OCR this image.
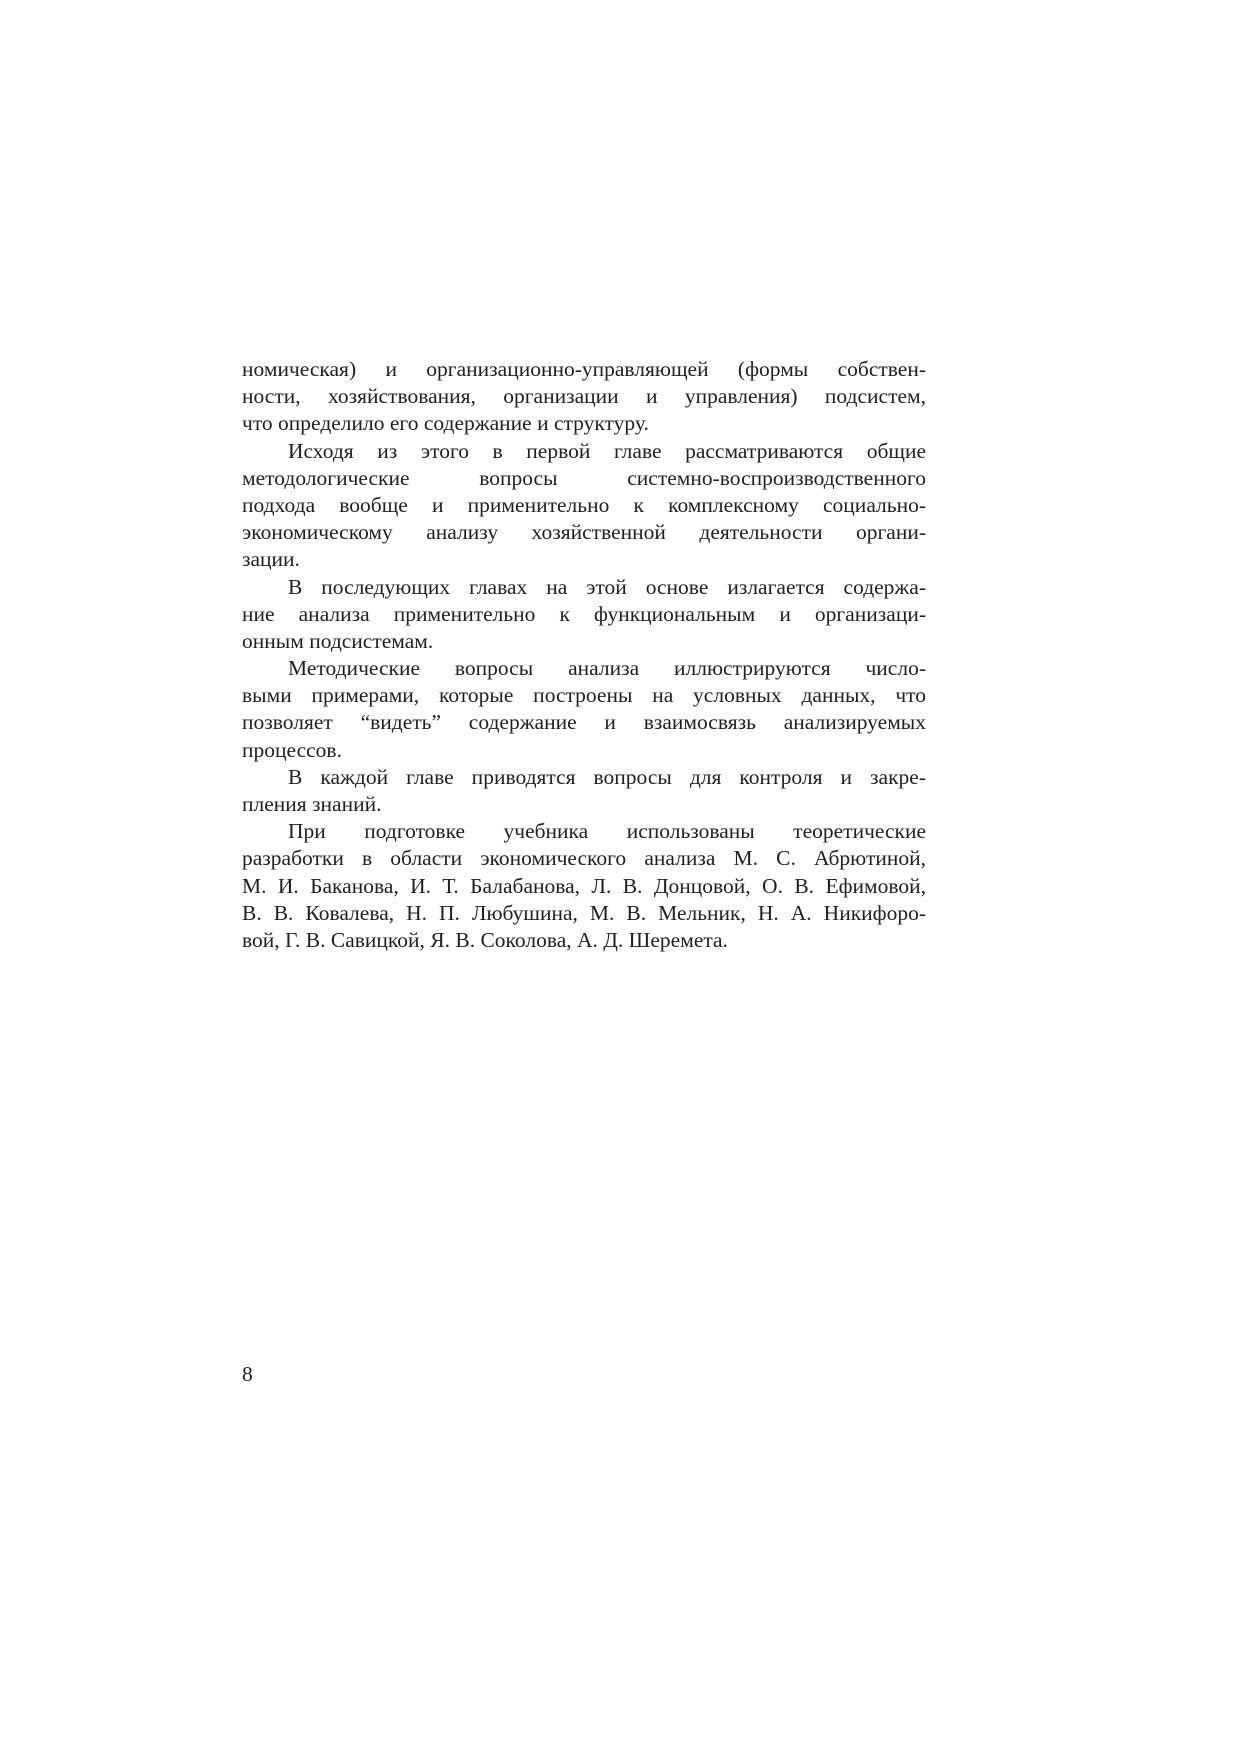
номическая) и организационно-управляющей (формы собствен-
ности, хозяйствования, организации и управления) подсистем,
что определило его содержание и структуру.
Исходя из этого в первой главе рассматриваются общие
методологические вопросы системно-воспроизводственного
подхода вообще и применительно к комплексному социально-
экономическому анализу хозяйственной деятельности органи-
зации.
В последующих главах на этой основе излагается содержа-
ние анализа применительно к функциональным и организаци-
онным подсистемам.
Методические вопросы анализа иллюстрируются число-
выми примерами, которые построены на условных данных, что
позволяет “видеть” содержание и взаимосвязь анализируемых
процессов.
В каждой главе приводятся вопросы для контроля и закре-
пления знаний.
При подготовке учебника использованы теоретические
разработки в области экономического анализа М. С. Абрютиной,
М. И. Баканова, И. Т. Балабанова, Л. В. Донцовой, О. В. Ефимовой,
В. В. Ковалева, Н. П. Любушина, М. В. Мельник, Н. А. Никифоро-
вой, Г. В. Савицкой, Я. В. Соколова, А. Д. Шеремета.
8
